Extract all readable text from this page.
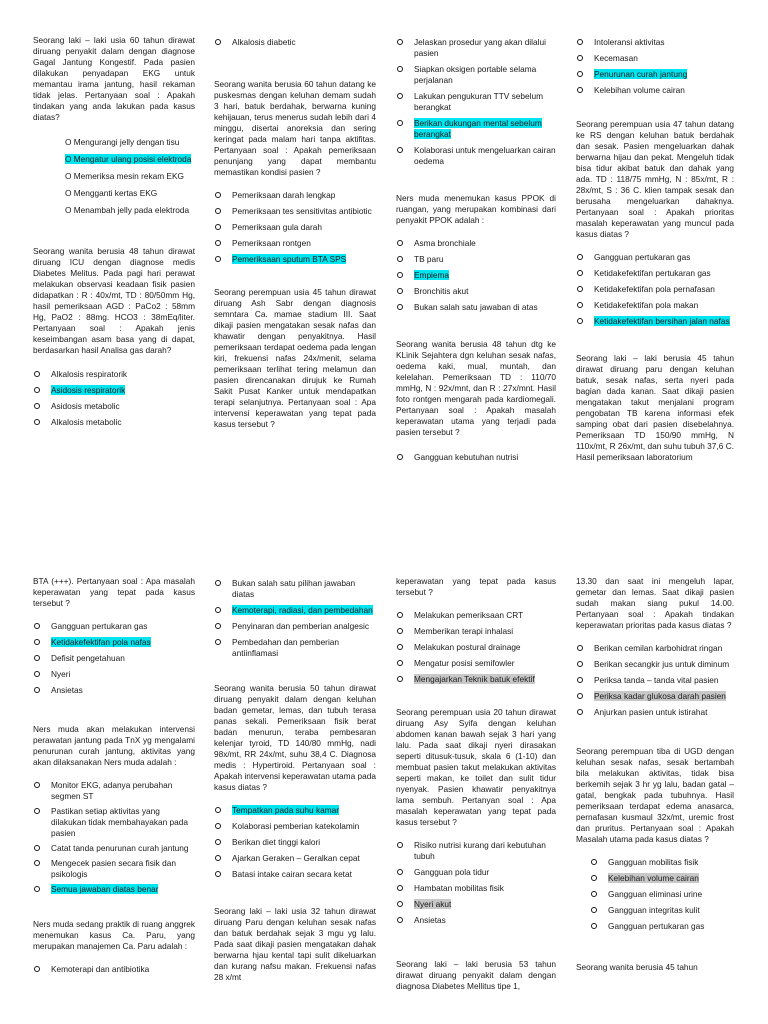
Seorang laki – laki usia 60 tahun dirawat diruang penyakit dalam dengan diagnose Gagal Jantung Kongestif. Pada pasien dilakukan penyadapan EKG untuk memantau irama jantung, hasil rekaman tidak jelas. Pertanyaan soal : Apakah tindakan yang anda lakukan pada kasus diatas?

O Mengurangi jelly dengan tisu

O Mengatur ulang posisi elektroda

O Memeriksa mesin rekam EKG

O Mengganti kertas EKG

O Menambah jelly pada elektroda

Seorang wanita berusia 48 tahun dirawat diruang ICU dengan diagnose medis Diabetes Melitus. Pada pagi hari perawat melakukan observasi keadaan fisik pasien didapatkan : R : 40x/mt, TD : 80/50mm Hg, hasil pemeriksaan AGD : PaCo2 : 58mm Hg, PaO2 : 88mg. HCO3 : 38mEq/liter. Pertanyaan soal : Apakah jenis keseimbangan asam basa yang di dapat, berdasarkan hasil Analisa gas darah?

Alkalosis respiratorik

Asidosis respiratorik

Asidosis metabolic

Alkalosis metabolic

Alkalosis diabetic

Seorang wanita berusia 60 tahun datang ke puskesmas dengan keluhan demam sudah 3 hari, batuk berdahak, berwarna kuning kehijauan, terus menerus sudah lebih dari 4 minggu, disertai anoreksia dan sering keringat pada malam hari tanpa aktifitas. Pertanyaan soal : Apakah pemeriksaan penunjang yang dapat membantu memastikan kondisi pasien ?

Pemeriksaan darah lengkap

Pemeriksaan tes sensitivitas antibiotic

Pemeriksaan gula darah

Pemeriksaan rontgen

Pemeriksaan sputum BTA SPS

Seorang perempuan usia 45 tahun dirawat diruang Ash Sabr dengan diagnosis semntara Ca. mamae stadium III. Saat dikaji pasien mengatakan sesak nafas dan khawatir dengan penyakitnya. Hasil pemeriksaan terdapat oedema pada lengan kiri, frekuensi nafas 24x/menit, selama pemeriksaan terlihat tering melamun dan pasien direncanakan dirujuk ke Rumah Sakit Pusat Kanker untuk mendapatkan terapi selanjutnya. Pertanyaan soal : Apa intervensi keperawatan yang tepat pada kasus tersebut ?

Jelaskan prosedur yang akan dilalui pasien

Siapkan oksigen portable selama perjalanan

Lakukan pengukuran TTV sebelum berangkat

Berikan dukungan mental sebelum berangkat

Kolaborasi untuk mengeluarkan cairan oedema

Ners muda menemukan kasus PPOK di ruangan, yang merupakan kombinasi dari penyakit PPOK adalah :

Asma bronchiale

TB paru

Empiema

Bronchitis akut

Bukan salah satu jawaban di atas

Seorang wanita berusia 48 tahun dtg ke KLinik Sejahtera dgn keluhan sesak nafas, oedema kaki, mual, muntah, dan kelelahan. Pemeriksaan TD : 110/70 mmHg, N : 92x/mnt, dan R : 27x/mnt. Hasil foto rontgen mengarah pada kardiomegali. Pertanyaan soal : Apakah masalah keperawatan utama yang terjadi pada pasien tersebut ?

Gangguan kebutuhan nutrisi

Intoleransi aktivitas

Kecemasan

Penurunan curah jantung

Kelebihan volume cairan

Seorang perempuan usia 47 tahun datang ke RS dengan keluhan batuk berdahak dan sesak. Pasien mengeluarkan dahak berwarna hijau dan pekat. Mengeluh tidak bisa tidur akibat batuk dan dahak yang ada. TD : 118/75 mmHg, N : 85x/mt, R : 28x/mt, S : 36 C. klien tampak sesak dan berusaha mengeluarkan dahaknya. Pertanyaan soal : Apakah prioritas masalah keperawatan yang muncul pada kasus diatas ?

Gangguan pertukaran gas

Ketidakefektifan pertukaran gas

Ketidakefektifan pola pernafasan

Ketidakefektifan pola makan

Ketidakefektifan bersihan jalan nafas

Seorang laki – laki berusia 45 tahun dirawat diruang paru dengan keluhan batuk, sesak nafas, serta nyeri pada bagian dada kanan. Saat dikaji pasien mengatakan takut menjalani program pengobatan TB karena informasi efek samping obat dari pasien disebelahnya. Pemeriksaan TD 150/90 mmHg, N 110x/mt, R 26x/mt, dan suhu tubuh 37,6 C. Hasil pemeriksaan laboratorium

BTA (+++). Pertanyaan soal : Apa masalah keperawatan yang tepat pada kasus tersebut ?

Gangguan pertukaran gas

Ketidakefektifan pola nafas

Defisit pengetahuan

Nyeri

Ansietas

Ners muda akan melakukan intervensi perawatan jantung pada TnX yg mengalami penurunan curah jantung, aktivitas yang akan dilaksanakan Ners muda adalah :

Monitor EKG, adanya perubahan segmen ST

Pastikan setiap aktivitas yang dilakukan tidak membahayakan pada pasien

Catat tanda penurunan curah jantung

Mengecek pasien secara fisik dan psikologis

Semua jawaban diatas benar

Ners muda sedang praktik di ruang anggrek menemukan kasus Ca. Paru, yang merupakan manajemen Ca. Paru adalah :

Kemoterapi dan antibiotika

Bukan salah satu pilihan jawaban diatas

Kemoterapi, radiasi, dan pembedahan

Penyinaran dan pemberian analgesic

Pembedahan dan pemberian antiinflamasi

Seorang wanita berusia 50 tahun dirawat diruang penyakit dalam dengan keluhan badan gemetar, lemas, dan tubuh terasa panas sekali. Pemeriksaan fisik berat badan menurun, teraba pembesaran kelenjar tyroid, TD 140/80 mmHg, nadi 98x/mt, RR 24x/mt, suhu 38,4 C. Diagnosa medis : Hypertiroid. Pertanyaan soal : Apakah intervensi keperawatan utama pada kasus diatas ?

Tempatkan pada suhu kamar

Kolaborasi pemberian katekolamin

Berikan diet tinggi kalori

Ajarkan Geraken – Geralkan cepat

Batasi intake cairan secara ketat

Seorang laki – laki usia 32 tahun dirawat diruang Paru dengan keluhan sesak nafas dan batuk berdahak sejak 3 mgu yg lalu. Pada saat dikaji pasien mengatakan dahak berwarna hjau kental tapi sulit dikeluarkan dan kurang nafsu makan. Frekuensi nafas 28 x/mt

keperawatan yang tepat pada kasus tersebut ?

Melakukan pemeriksaan CRT

Memberikan terapi inhalasi

Melakukan postural drainage

Mengatur posisi semifowler

Mengajarkan Teknik batuk efektif

Seorang perempuan usia 20 tahun dirawat diruang Asy Syifa dengan keluhan abdomen kanan bawah sejak 3 hari yang lalu. Pada saat dikaji nyeri dirasakan seperti ditusuk-tusuk, skala 6 (1-10) dan membuat pasien takut melakukan aktivitas seperti makan, ke toilet dan sulit tidur nyenyak. Pasien khawatir penyakitnya lama sembuh. Pertanyan soal : Apa masalah keperawatan yang tepat pada kasus tersebut ?

Risiko nutrisi kurang dari kebutuhan tubuh

Gangguan pola tidur

Hambatan mobilitas fisik

Nyeri akut

Ansietas

Seorang laki – laki berusia 53 tahun dirawat diruang penyakit dalam dengan diagnosa Diabetes Mellitus tipe 1,

13.30 dan saat ini mengeluh lapar, gemetar dan lemas. Saat dikaji pasien sudah makan siang pukul 14.00. Pertanyaan soal : Apakah tindakan keperawatan prioritas pada kasus diatas ?

Berikan cemilan karbohidrat ringan

Berikan secangkir jus untuk diminum

Periksa tanda – tanda vital pasien

Periksa kadar glukosa darah pasien

Anjurkan pasien untuk istirahat

Seorang perempuan tiba di UGD dengan keluhan sesak nafas, sesak bertambah bila melakukan aktivitas, tidak bisa berkemih sejak 3 hr yg lalu, badan gatal – gatal, bengkak pada tubuhnya. Hasil pemeriksaan terdapat edema anasarca, pernafasan kusmaul 32x/mt, uremic frost dan pruritus. Pertanyaan soal : Apakah Masalah utama pada kasus diatas ?

Gangguan mobilitas fisik

Kelebihan volume cairan

Gangguan eliminasi urine

Gangguan integritas kulit

Gangguan pertukaran gas

Seorang wanita berusia 45 tahun
